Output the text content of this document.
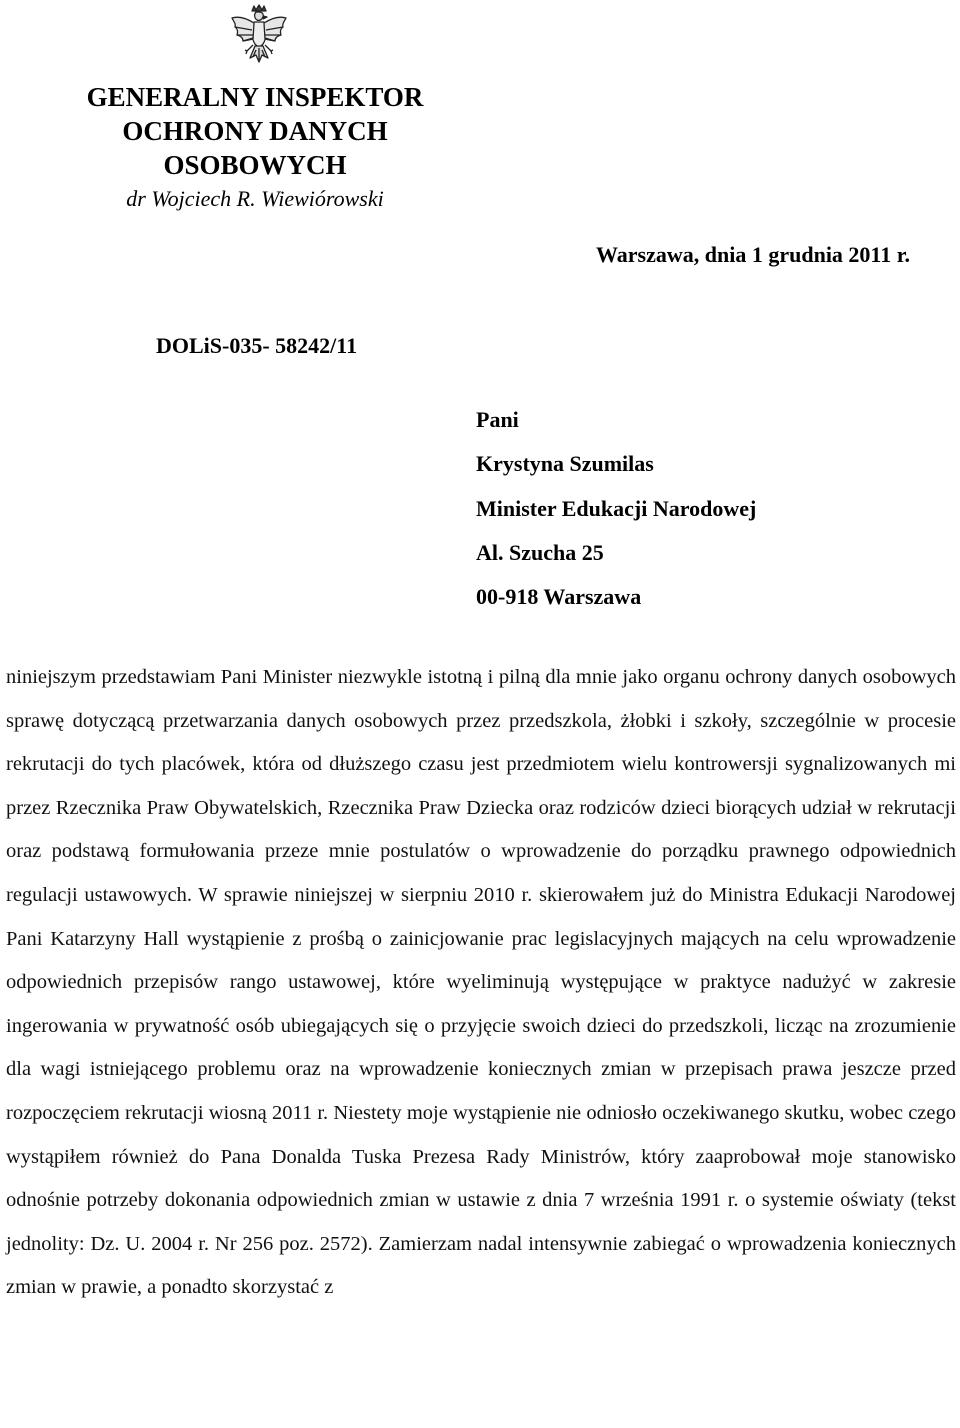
GENERALNY INSPEKTOR
OCHRONY DANYCH
OSOBOWYCH
dr Wojciech R. Wiewiórowski
Warszawa, dnia 1 grudnia 2011 r.
DOLiS-035- 58242/11
Pani
Krystyna Szumilas
Minister Edukacji Narodowej
Al. Szucha 25
00-918 Warszawa

niniejszym przedstawiam Pani Minister niezwykle istotną i pilną dla mnie jako organu ochrony danych osobowych sprawę dotyczącą przetwarzania danych osobowych przez przedszkola, żłobki i szkoły, szczególnie w procesie rekrutacji do tych placówek, która od dłuższego czasu jest przedmiotem wielu kontrowersji sygnalizowanych mi przez Rzecznika Praw Obywatelskich, Rzecznika Praw Dziecka oraz rodziców dzieci biorących udział w rekrutacji oraz podstawą formułowania przeze mnie postulatów o wprowadzenie do porządku prawnego odpowiednich regulacji ustawowych. W sprawie niniejszej w sierpniu 2010 r. skierowałem już do Ministra Edukacji Narodowej Pani Katarzyny Hall wystąpienie z prośbą o zainicjowanie prac legislacyjnych mających na celu wprowadzenie odpowiednich przepisów rango ustawowej, które wyeliminują występujące w praktyce nadużyć w zakresie ingerowania w prywatność osób ubiegających się o przyjęcie swoich dzieci do przedszkoli, licząc na zrozumienie dla wagi istniejącego problemu oraz na wprowadzenie koniecznych zmian w przepisach prawa jeszcze przed rozpoczęciem rekrutacji wiosną 2011 r. Niestety moje wystąpienie nie odniosło oczekiwanego skutku, wobec czego wystąpiłem również do Pana Donalda Tuska Prezesa Rady Ministrów, który zaaprobował moje stanowisko odnośnie potrzeby dokonania odpowiednich zmian w ustawie z dnia 7 września 1991 r. o systemie oświaty (tekst jednolity: Dz. U. 2004 r. Nr 256 poz. 2572). Zamierzam nadal intensywnie zabiegać o wprowadzenia koniecznych zmian w prawie, a ponadto skorzystać z
